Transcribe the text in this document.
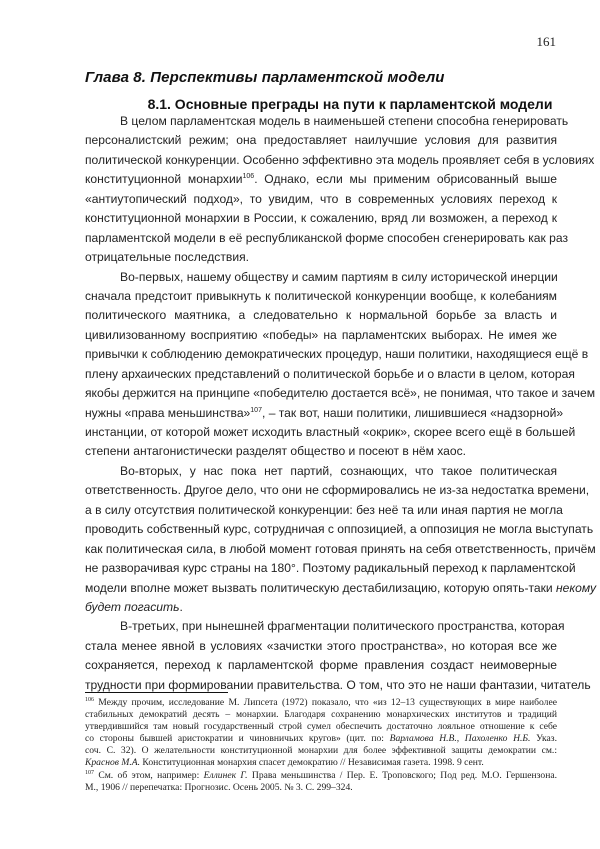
161
Глава 8. Перспективы парламентской модели
8.1. Основные преграды на пути к парламентской модели
В целом парламентская модель в наименьшей степени способна генерировать
персоналистский режим; она предоставляет наилучшие условия для развития
политической конкуренции. Особенно эффективно эта модель проявляет себя в условиях
конституционной монархии$^{106}$. Однако, если мы применим обрисованный выше
«антиутопический подход», то увидим, что в современных условиях переход к
конституционной монархии в России, к сожалению, вряд ли возможен, а переход к
парламентской модели в её республиканской форме способен сгенерировать как раз
отрицательные последствия.
Во-первых, нашему обществу и самим партиям в силу исторической инерции
сначала предстоит привыкнуть к политической конкуренции вообще, к колебаниям
политического маятника, а следовательно к нормальной борьбе за власть и
цивилизованному восприятию «победы» на парламентских выборах. Не имея же
привычки к соблюдению демократических процедур, наши политики, находящиеся ещё в
плену архаических представлений о политической борьбе и о власти в целом, которая
якобы держится на принципе «победителю достается всё», не понимая, что такое и зачем
нужны «права меньшинства»$^{107}$, – так вот, наши политики, лишившиеся «надзорной»
инстанции, от которой может исходить властный «окрик», скорее всего ещё в большей
степени антагонистически разделят общество и посеют в нём хаос.
Во-вторых, у нас пока нет партий, сознающих, что такое политическая
ответственность. Другое дело, что они не сформировались не из-за недостатка времени,
а в силу отсутствия политической конкуренции: без неё та или иная партия не могла
проводить собственный курс, сотрудничая с оппозицией, а оппозиция не могла выступать
как политическая сила, в любой момент готовая принять на себя ответственность, причём
не разворачивая курс страны на 180°. Поэтому радикальный переход к парламентской
модели вполне может вызвать политическую дестабилизацию, которую опять-таки некому
будет погасить.
В-третьих, при нынешней фрагментации политического пространства, которая
стала менее явной в условиях «зачистки этого пространства», но которая все же
сохраняется, переход к парламентской форме правления создаст неимоверные
трудности при формировании правительства. О том, что это не наши фантазии, читатель
$^{106}$ Между прочим, исследование М. Липсета (1972) показало, что «из 12–13 существующих в мире наиболее
стабильных демократий десять – монархии. Благодаря сохранению монархических институтов и традиций
утвердившийся там новый государственный строй сумел обеспечить достаточно лояльное отношение к себе
со стороны бывшей аристократии и чиновничьих кругов» (цит. по: Варламова Н.В., Пахоленко Н.Б. Указ.
соч. С. 32). О желательности конституционной монархии для более эффективной защиты демократии см.:
Краснов М.А. Конституционная монархия спасет демократию // Независимая газета. 1998. 9 сент.
$^{107}$ См. об этом, например: Еллинек Г. Права меньшинства / Пер. Е. Троповского; Под ред. М.О. Гершензона.
М., 1906 // перепечатка: Прогнозис. Осень 2005. № 3. С. 299–324.
